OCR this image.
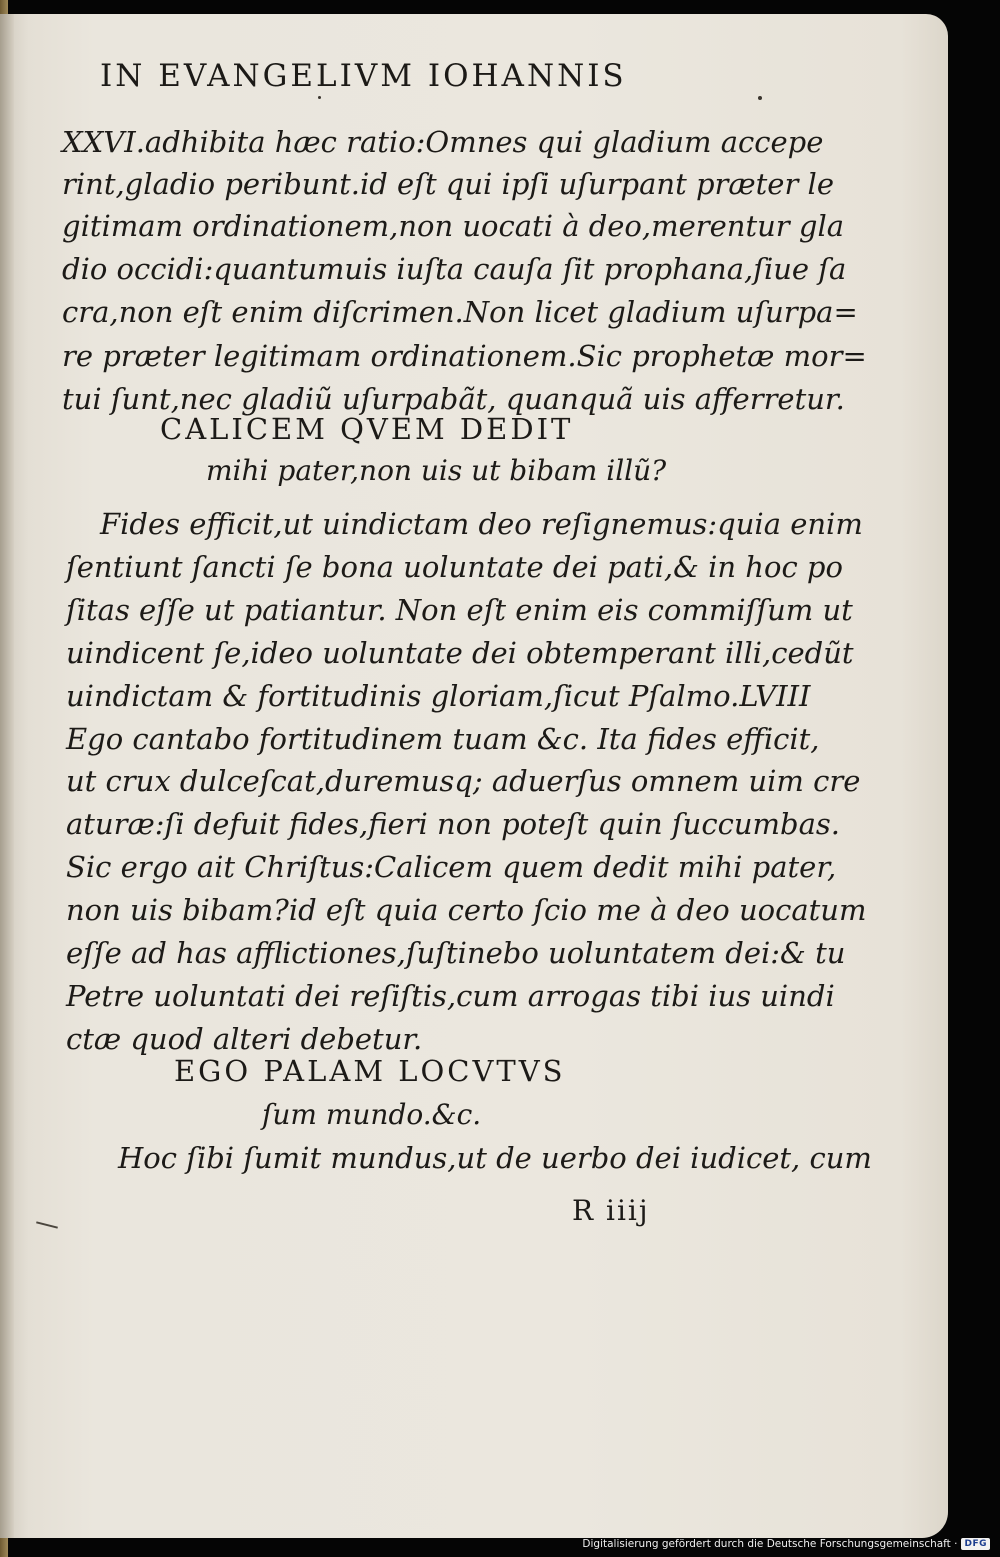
IN EVANGELIVM IOHANNIS
XXVI.adhibita hæc ratio:Omnes qui gladium accepe
rint,gladio peribunt.id eſt qui ipſi uſurpant præter le
gitimam ordinationem,non uocati à deo,merentur gla
dio occidi:quantumuis iuſta cauſa ſit prophana,ſiue ſa
cra,non eſt enim diſcrimen.Non licet gladium uſurpa=
re præter legitimam ordinationem.Sic prophetæ mor=
tui ſunt,nec gladiũ uſurpabãt, quanquã uis afferretur.
CALICEM QVEM DEDIT
mihi pater,non uis ut bibam illũ?
Fides efficit,ut uindictam deo reſignemus:quia enim
ſentiunt ſancti ſe bona uoluntate dei pati,& in hoc po
ſitas eſſe ut patiantur. Non eſt enim eis commiſſum ut
uindicent ſe,ideo uoluntate dei obtemperant illi,cedũt
uindictam & fortitudinis gloriam,ſicut Pſalmo.LVIII
Ego cantabo fortitudinem tuam &c. Ita fides efficit,
ut crux dulceſcat,duremusq; aduerſus omnem uim cre
aturæ:ſi defuit fides,fieri non poteſt quin ſuccumbas.
Sic ergo ait Chriſtus:Calicem quem dedit mihi pater,
non uis bibam?id eſt quia certo ſcio me à deo uocatum
eſſe ad has afflictiones,ſuſtinebo uoluntatem dei:& tu
Petre uoluntati dei reſiſtis,cum arrogas tibi ius uindi
ctæ quod alteri debetur.
EGO PALAM LOCVTVS
ſum mundo.&c.
Hoc ſibi ſumit mundus,ut de uerbo dei iudicet, cum
R iiij
Digitalisierung gefördert durch die Deutsche Forschungsgemeinschaft · DFG
